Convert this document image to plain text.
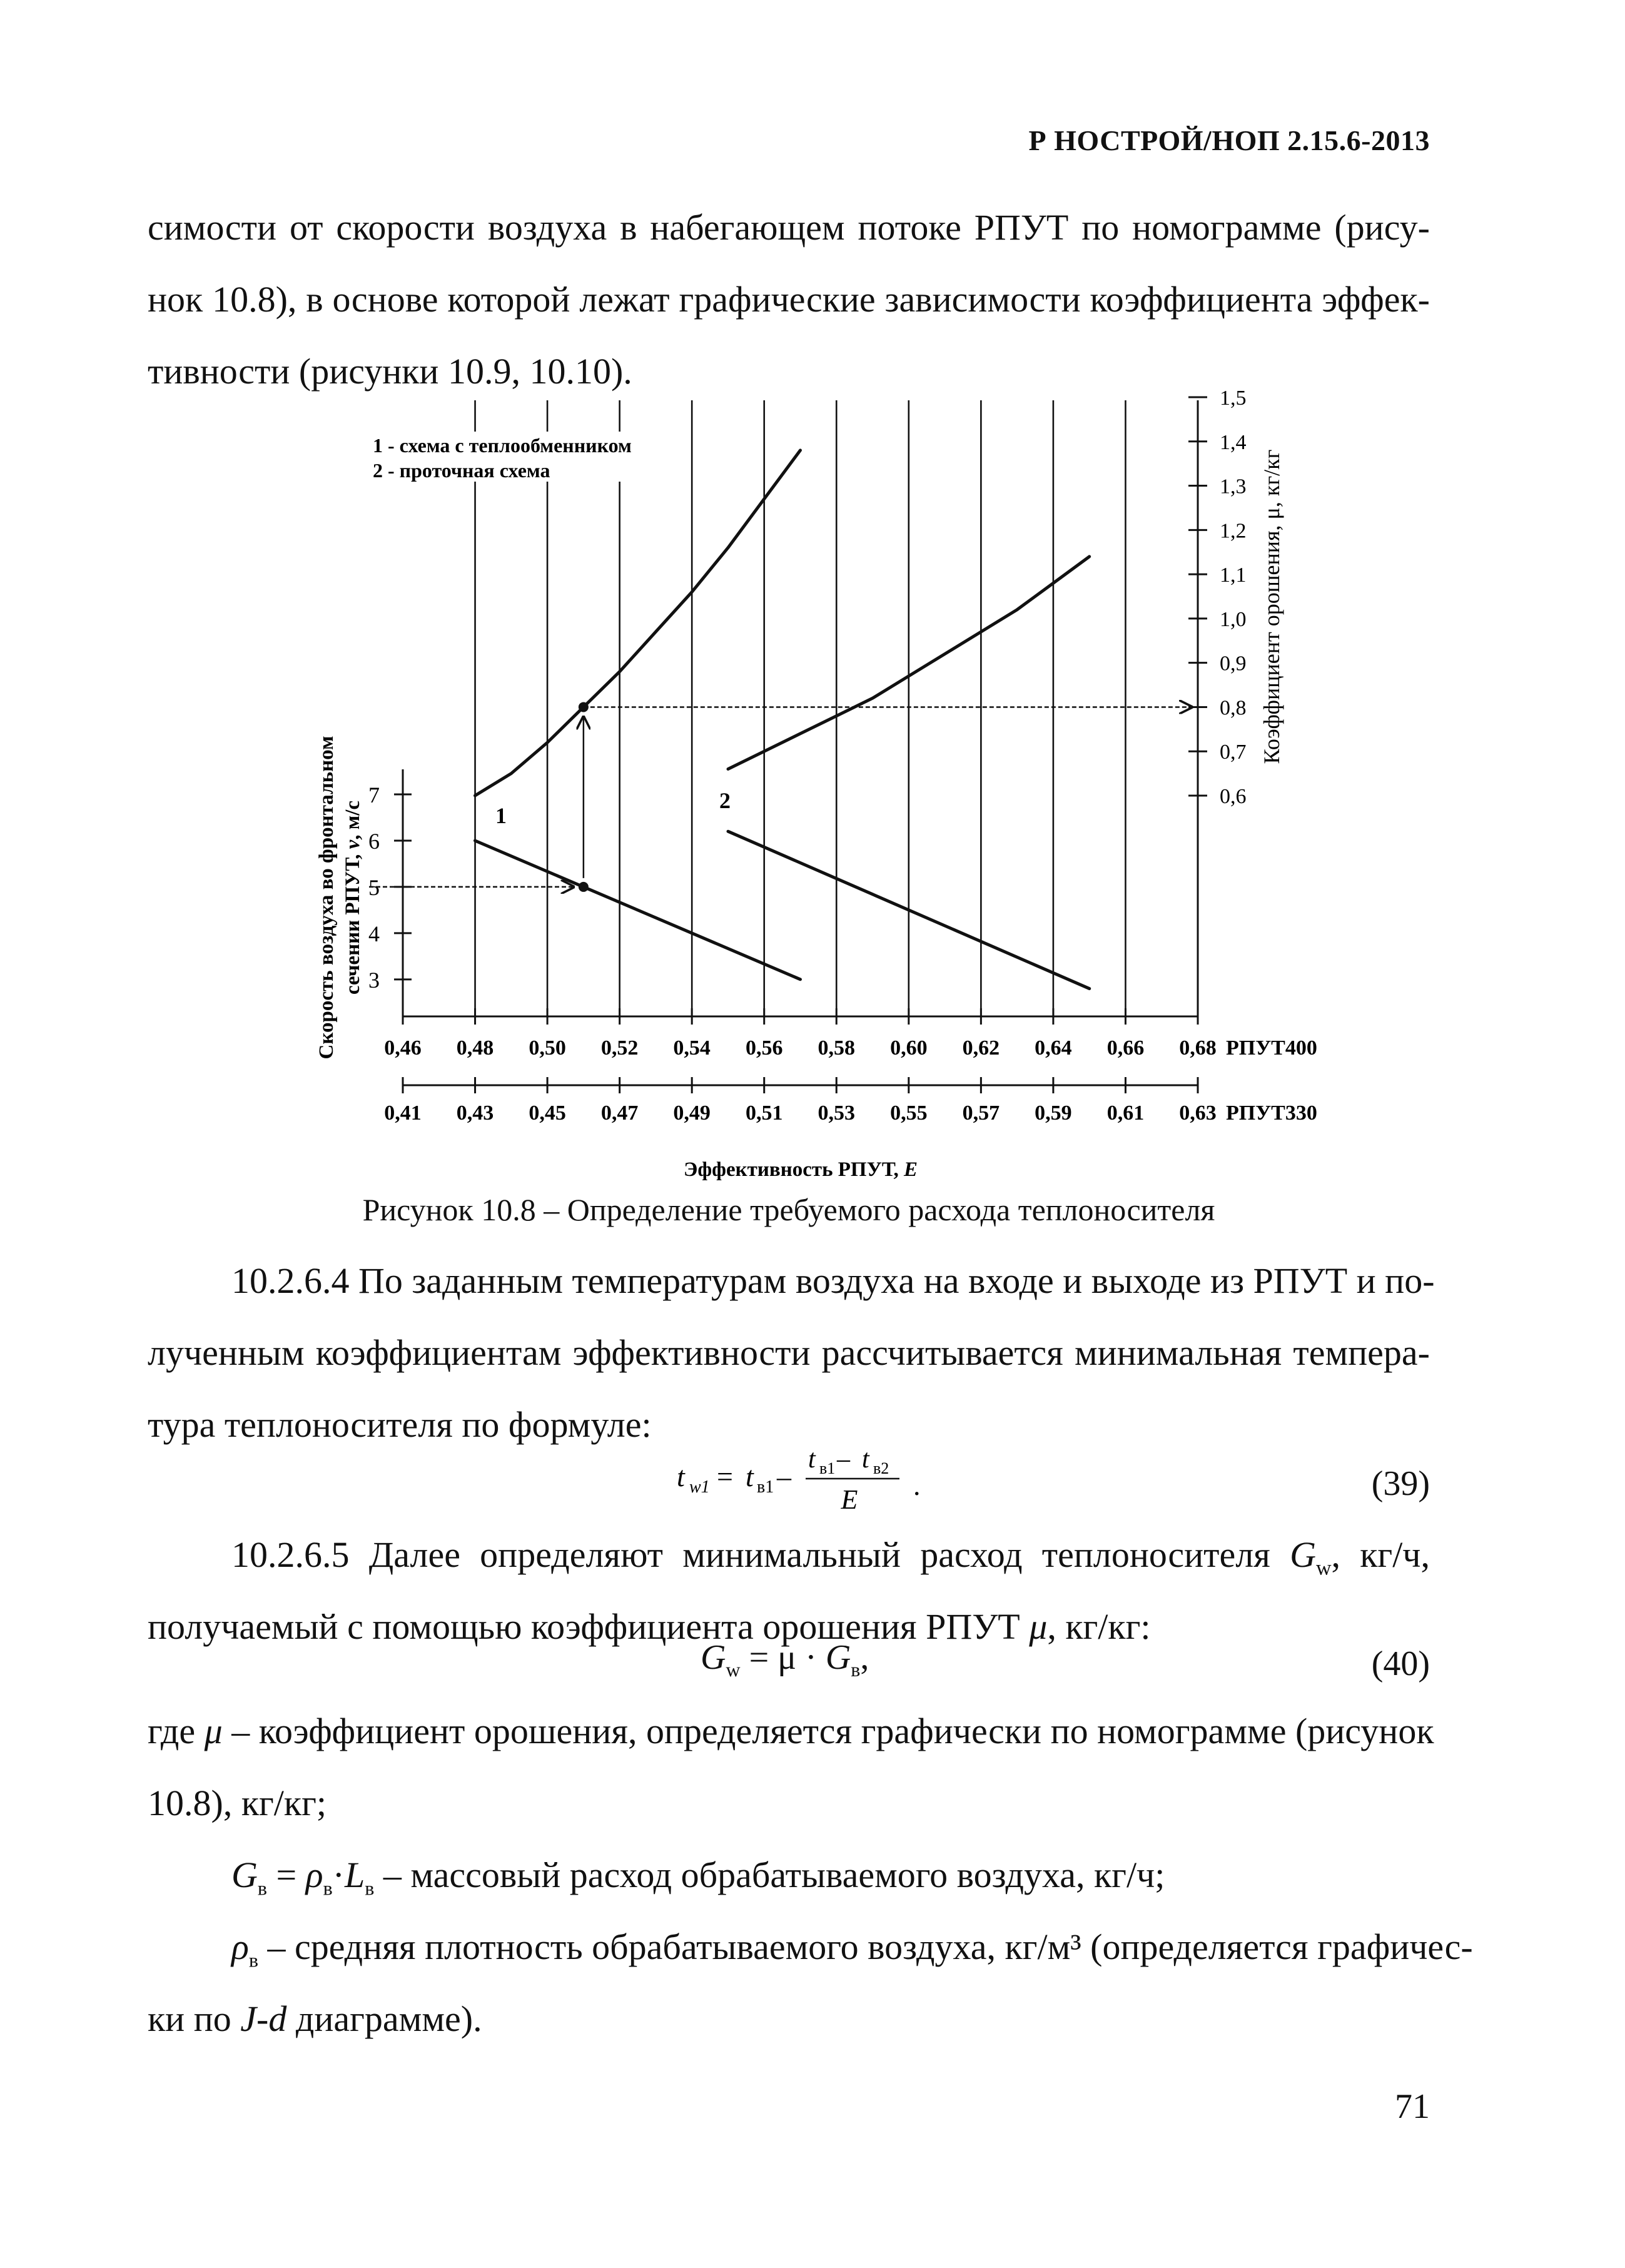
Р НОСТРОЙ/НОП 2.15.6-2013
симости от скорости воздуха в набегающем потоке РПУТ по номограмме (рису-
нок 10.8), в основе которой лежат графические зависимости коэффициента эффек-
тивности (рисунки 10.9, 10.10).
0,6
0,7
0,8
0,9
1,0
1,1
1,2
1,3
1,4
1,5
3
4
5
6
7
0,46 0,48 0,50 0,52 0,54 0,56 0,58 0,60 0,62 0,64 0,66 0,68 РПУТ400
0,41 0,43 0,45 0,47 0,49 0,51 0,53 0,55 0,57 0,59 0,61 0,63 РПУТ330
Эффективность РПУТ, E
1 - схема с теплообменником
2 - проточная схема
1
2
Скорость воздуха во фронтальном сечении РПУТ, v, м/с
Коэффициент орошения, μ, кг/кг
Рисунок 10.8 – Определение требуемого расхода теплоносителя
10.2.6.4 По заданным температурам воздуха на входе и выходе из РПУТ и по-
лученным коэффициентам эффективности рассчитывается минимальная темпера-
тура теплоносителя по формуле:
t w1 = t в1 –
t в1 – t в2
E .	(39)
10.2.6.5 Далее определяют минимальный расход теплоносителя $G_w$, кг/ч,
получаемый с помощью коэффициента орошения РПУТ μ, кг/кг:
$G_w = \mu \cdot G_в$,	(40)
где μ – коэффициент орошения, определяется графически по номограмме (рисунок
10.8), кг/кг;
$G_в = \rho_в\cdot L_в$ – массовый расход обрабатываемого воздуха, кг/ч;
$\rho_в$ – средняя плотность обрабатываемого воздуха, кг/м³ (определяется графичес-
ки по J-d диаграмме).
71
